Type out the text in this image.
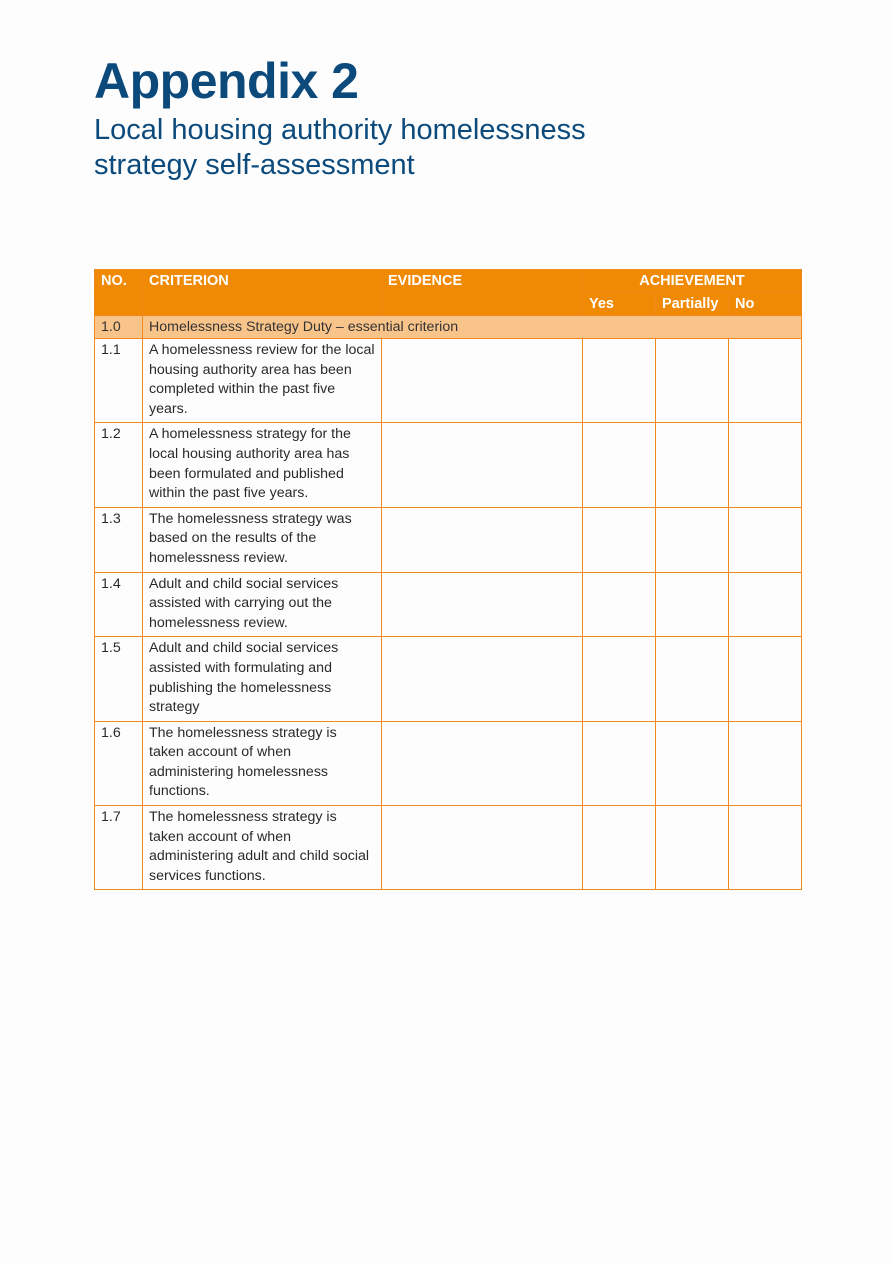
Appendix 2
Local housing authority homelessness strategy self-assessment
NO.	CRITERION	EVIDENCE	ACHIEVEMENT		
			Yes	Partially	No
1.0	Homelessness Strategy Duty – essential criterion				
1.1	A homelessness review for the local housing authority area has been completed within the past five years.				
1.2	A homelessness strategy for the local housing authority area has been formulated and published within the past five years.				
1.3	The homelessness strategy was based on the results of the homelessness review.				
1.4	Adult and child social services assisted with carrying out the homelessness review.				
1.5	Adult and child social services assisted with formulating and publishing the homelessness strategy				
1.6	The homelessness strategy is taken account of when administering homelessness functions.				
1.7	The homelessness strategy is taken account of when administering adult and child social services functions.				
